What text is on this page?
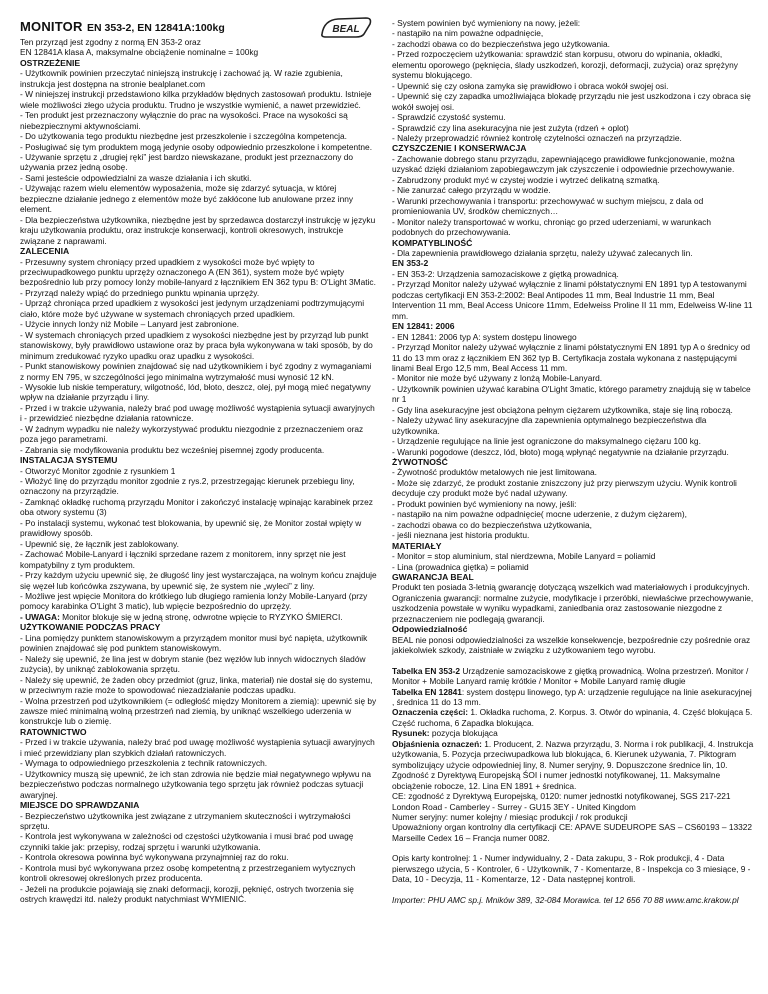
MONITOR EN 353-2, EN 12841A:100kg

Ten przyrząd jest zgodny z normą EN 353-2 oraz

EN 12841A klasa A, maksymalne obciążenie nominalne = 100kg

OSTRZEŻENIE

- Użytkownik powinien przeczytać niniejszą instrukcję i zachować ją. W razie zgubienia, instrukcja jest dostępna na stronie bealplanet.com

- W niniejszej instrukcji przedstawiono kilka przykładów błędnych zastosowań produktu. Istnieje wiele możliwości złego użycia produktu. Trudno je wszystkie wymienić, a nawet przewidzieć.

- Ten produkt jest przeznaczony wyłącznie do prac na wysokości. Prace na wysokości są niebezpiecznymi aktywnościami.

- Do użytkowania tego produktu niezbędne jest przeszkolenie i szczególna kompetencja.

- Posługiwać się tym produktem mogą jedynie osoby odpowiednio przeszkolone i kompetentne.

- Używanie sprzętu z „drugiej ręki” jest bardzo niewskazane, produkt jest przeznaczony do używania przez jedną osobę.

- Sami jesteście odpowiedzialni za wasze działania i ich skutki.

- Używając razem wielu elementów wyposażenia, może się zdarzyć sytuacja, w której bezpieczne działanie jednego z elementów może być zakłócone lub anulowane przez inny element.

- Dla bezpieczeństwa użytkownika, niezbędne jest by sprzedawca dostarczył instrukcję w języku kraju użytkowania produktu, oraz instrukcje konserwacji, kontroli okresowych, instrukcje związane z naprawami.

ZALECENIA

- Przesuwny system chroniący przed upadkiem z wysokości może być wpięty to przeciwupadkowego punktu uprzęży oznaczonego A (EN 361), system może być wpięty bezpośrednio lub przy pomocy lonży mobile-lanyard z łącznikiem EN 362 typu B: O'Light 3Matic.

- Przyrząd należy wpiąć do przedniego punktu wpinania uprzęży.

- Uprząż chroniąca przed upadkiem z wysokości jest jedynym urządzeniami podtrzymującymi ciało, które może być używane w systemach chroniących przed upadkiem.

- Użycie innych lonży niż Mobile – Lanyard jest zabronione.

- W systemach chroniących przed upadkiem z wysokości niezbędne jest by przyrząd lub punkt stanowiskowy, były prawidłowo ustawione oraz by praca była wykonywana w taki sposób, by do minimum zredukować ryzyko upadku oraz upadku z wysokości.

- Punkt stanowiskowy powinien znajdować się nad użytkownikiem i być zgodny z wymaganiami z normy EN 795, w szczególności jego minimalna wytrzymałość musi wynosić 12 kN.

- Wysokie lub niskie temperatury, wilgotność, lód, błoto, deszcz, olej, pył mogą mieć negatywny wpływ na działanie przyrządu i liny.

- Przed i w trakcie używania, należy brać pod uwagę możliwość wystąpienia sytuacji awaryjnych i - przewidzieć niezbędne działania ratownicze.

- W żadnym wypadku nie należy wykorzystywać produktu niezgodnie z przeznaczeniem oraz poza jego parametrami.

- Zabrania się modyfikowania produktu bez wcześniej pisemnej zgody producenta.

INSTALACJA SYSTEMU

- Otworzyć Monitor zgodnie z rysunkiem 1

- Włożyć linę do przyrządu monitor zgodnie z rys.2, przestrzegając kierunek przebiegu liny, oznaczony na przyrządzie.

- Zamknąć okładkę ruchomą przyrządu Monitor i zakończyć instalację wpinając karabinek przez oba otwory systemu (3)

- Po instalacji systemu, wykonać test blokowania, by upewnić się, że Monitor został wpięty w prawidłowy sposób.

- Upewnić się, że łącznik jest zablokowany.

- Zachować Mobile-Lanyard i łączniki sprzedane razem z monitorem, inny sprzęt nie jest kompatybilny z tym produktem.

- Przy każdym użyciu upewnić się, że długość liny jest wystarczająca, na wolnym końcu znajduje się węzeł lub końcówka zszywana, by upewnić się, że system nie „wyleci” z liny.

- Możliwe jest wpięcie Monitora do krótkiego lub długiego ramienia lonży Mobile-Lanyard (przy pomocy karabinka O'Light 3 matic), lub wpięcie bezpośrednio do uprzęży.

- UWAGA: Monitor blokuje się w jedną stronę, odwrotne wpięcie to RYZYKO ŚMIERCI.

UŻYTKOWANIE PODCZAS PRACY

- Lina pomiędzy punktem stanowiskowym a przyrządem monitor musi być napięta, użytkownik powinien znajdować się pod punktem stanowiskowym.

- Należy się upewnić, że lina jest w dobrym stanie (bez węzłów lub innych widocznych śladów zużycia), by uniknąć zablokowania sprzętu.

- Należy się upewnić, że żaden obcy przedmiot (gruz, linka, materiał) nie dostał się do systemu, w przeciwnym razie może to spowodować niezadziałanie podczas upadku.

- Wolna przestrzeń pod użytkownikiem (= odległość między Monitorem a ziemią): upewnić się by zawsze mieć minimalną wolną przestrzeń nad ziemią, by uniknąć wszelkiego uderzenia w konstrukcje lub o ziemię.

RATOWNICTWO

- Przed i w trakcie używania, należy brać pod uwagę możliwość wystąpienia sytuacji awaryjnych i mieć przewidziany plan szybkich działań ratowniczych.

- Wymaga to odpowiedniego przeszkolenia z technik ratowniczych.

- Użytkownicy muszą się upewnić, że ich stan zdrowia nie będzie miał negatywnego wpływu na bezpieczeństwo podczas normalnego użytkowania tego sprzętu jak również podczas sytuacji awaryjnej.

MIEJSCE DO SPRAWDZANIA

- Bezpieczeństwo użytkownika jest związane z utrzymaniem skuteczności i wytrzymałości sprzętu.

- Kontrola jest wykonywana w zależności od częstości użytkowania i musi brać pod uwagę czynniki takie jak: przepisy, rodzaj sprzętu i warunki użytkowania.

- Kontrola okresowa powinna być wykonywana przynajmniej raz do roku.

- Kontrola musi być wykonywana przez osobę kompetentną z przestrzeganiem wytycznych kontroli okresowej określonych przez producenta.

- Jeżeli na produkcie pojawiają się znaki deformacji, korozji, pęknięć, ostrych tworzenia się ostrych krawędzi itd. należy produkt natychmiast WYMIENIĆ.

BEAL

- System powinien być wymieniony na nowy, jeżeli:

- nastąpiło na nim poważne odpadnięcie,

- zachodzi obawa co do bezpieczeństwa jego użytkowania.

- Przed rozpoczęciem użytkowania: sprawdzić stan korpusu, otworu do wpinania, okładki, elementu oporowego (pęknięcia, ślady uszkodzeń, korozji, deformacji, zużycia) oraz sprężyny systemu blokującego.

- Upewnić się czy osłona zamyka się prawidłowo i obraca wokół swojej osi.

- Upewnić się czy zapadka umożliwiająca blokadę przyrządu nie jest uszkodzona i czy obraca się wokół swojej osi.

- Sprawdzić czystość systemu.

- Sprawdzić czy lina asekuracyjna nie jest zużyta (rdzeń + oplot)

- Należy przeprowadzić również kontrolę czytelności oznaczeń na przyrządzie.

CZYSZCZENIE I KONSERWACJA

- Zachowanie dobrego stanu przyrządu, zapewniającego prawidłowe funkcjonowanie, można uzyskać dzięki działaniom zapobiegawczym jak czyszczenie i odpowiednie przechowywanie.

- Zabrudzony produkt myć w czystej wodzie i wytrzeć delikatną szmatką.

- Nie zanurzać całego przyrządu w wodzie.

- Warunki przechowywania i transportu: przechowywać w suchym miejscu, z dala od promieniowania UV, środków chemicznych…

- Monitor należy transportować w worku, chroniąc go przed uderzeniami, w warunkach podobnych do przechowywania.

KOMPATYBLINOŚĆ

- Dla zapewnienia prawidłowego działania sprzętu, należy używać zalecanych lin.

EN 353-2

- EN 353-2: Urządzenia samozaciskowe z giętką prowadnicą.

- Przyrząd Monitor należy używać wyłącznie z linami półstatycznymi EN 1891 typ A testowanymi podczas certyfikacji EN 353-2:2002: Beal Antipodes 11 mm, Beal Industrie 11 mm, Beal Intervention 11 mm, Beal Access Unicore 11mm, Edelweiss Proline II 11 mm, Edelweiss W-line 11 mm.

EN 12841: 2006

- EN 12841: 2006 typ A: system dostępu linowego

- Przyrząd Monitor należy używać wyłącznie z linami półstatycznymi EN 1891 typ A o średnicy od 11 do 13 mm oraz z łącznikiem EN 362 typ B. Certyfikacja została wykonana z następującymi linami Beal Ergo 12,5 mm, Beal Access 11 mm.

- Monitor nie może być używany z lonżą Mobile-Lanyard.

- Użytkownik powinien używać karabina O'Light 3matic, którego parametry znajdują się w tabelce nr 1

- Gdy lina asekuracyjne jest obciążona pełnym ciężarem użytkownika, staje się liną roboczą.

- Należy używać liny asekuracyjne dla zapewnienia optymalnego bezpieczeństwa dla użytkownika.

- Urządzenie regulujące na linie jest ograniczone do maksymalnego ciężaru 100 kg.

- Warunki pogodowe (deszcz, lód, błoto) mogą wpłynąć negatywnie na działanie przyrządu.

ŻYWOTNOŚĆ

- Żywotność produktów metalowych nie jest limitowana.

- Może się zdarzyć, że produkt zostanie zniszczony już przy pierwszym użyciu. Wynik kontroli decyduje czy produkt może być nadal używany.

- Produkt powinien być wymieniony na nowy, jeśli:

- nastąpiło na nim poważne odpadnięcie( mocne uderzenie, z dużym ciężarem),

- zachodzi obawa co do bezpieczeństwa użytkowania,

- jeśli nieznana jest historia produktu.

MATERIAŁY

- Monitor = stop aluminium, stal nierdzewna, Mobile Lanyard = poliamid

- Lina (prowadnica giętka) = poliamid

GWARANCJA BEAL

Produkt ten posiada 3-letnią gwarancję dotyczącą wszelkich wad materiałowych i produkcyjnych. Ograniczenia gwarancji: normalne zużycie, modyfikacje i przeróbki, niewłaściwe przechowywanie, uszkodzenia powstałe w wyniku wypadkami, zaniedbania oraz zastosowanie niezgodne z przeznaczeniem nie podlegają gwarancji.

Odpowiedzialność

BEAL nie ponosi odpowiedzialności za wszelkie konsekwencje, bezpośrednie czy pośrednie oraz jakiekolwiek szkody, zaistniałe w związku z użytkowaniem tego wyrobu.

Tabelka EN 353-2 Urządzenie samozaciskowe z giętką prowadnicą. Wolna przestrzeń. Monitor / Monitor + Mobile Lanyard ramię krótkie / Monitor + Mobile Lanyard ramię długie

Tabelka EN 12841: system dostępu linowego, typ A: urządzenie regulujące na linie asekuracyjnej , średnica 11 do 13 mm.

Oznaczenia części: 1. Okładka ruchoma, 2. Korpus. 3. Otwór do wpinania, 4. Część blokująca 5. Część ruchoma, 6 Zapadka blokująca.

Rysunek: pozycja blokująca

Objaśnienia oznaczeń: 1. Producent, 2. Nazwa przyrządu, 3. Norma i rok publikacji, 4. Instrukcja użytkowania, 5. Pozycja przeciwupadkowa lub blokująca, 6. Kierunek używania, 7. Piktogram symbolizujący użycie odpowiedniej liny, 8. Numer seryjny, 9. Dopuszczone średnice lin, 10. Zgodność z Dyrektywą Europejską ŚOI i numer jednostki notyfikowanej, 11. Maksymalne obciążenie robocze, 12. Lina EN 1891 + średnica.

CE: zgodność z Dyrektywą Europejską, 0120: numer jednostki notyfikowanej, SGS 217-221 London Road - Camberley - Surrey - GU15 3EY - United Kingdom

Numer seryjny: numer kolejny / miesiąc produkcji / rok produkcji

Upoważniony organ kontrolny dla certyfikacji CE: APAVE SUDEUROPE SAS – CS60193 – 13322 Marseille Cedex 16 – Francja numer 0082.

Opis karty kontrolnej: 1 - Numer indywidualny, 2 - Data zakupu, 3 - Rok produkcji, 4 - Data pierwszego użycia, 5 - Kontroler, 6 - Użytkownik, 7 - Komentarze, 8 - Inspekcja co 3 miesiące, 9 - Data, 10 - Decyzja, 11 - Komentarze, 12 - Data następnej kontroli.

Importer: PHU AMC sp.j. Mników 389, 32-084 Morawica. tel 12 656 70 88 www.amc.krakow.pl
